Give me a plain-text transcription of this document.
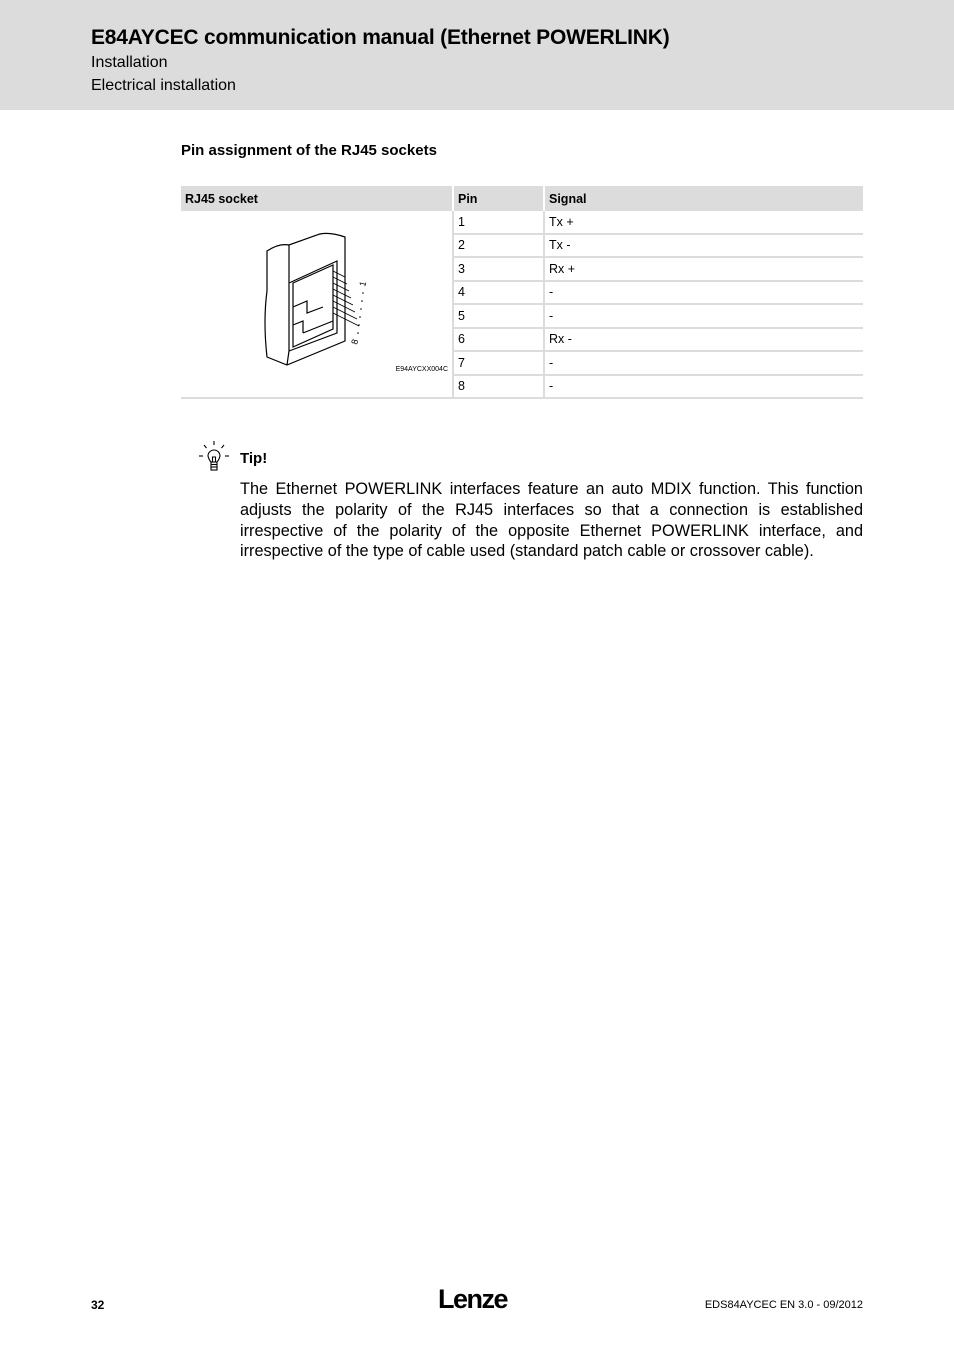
E84AYCEC communication manual (Ethernet POWERLINK)
Installation
Electrical installation
Pin assignment of the RJ45 sockets
RJ45 socket	Pin	Signal

1
8
E94AYCXX004C	1	Tx +
	2	Tx -
	3	Rx +
	4	-
	5	-
	6	Rx -
	7	-
	8	-
Tip!
The Ethernet POWERLINK interfaces feature an auto MDIX function. This function adjusts the polarity of the RJ45 interfaces so that a connection is established irrespective of the polarity of the opposite Ethernet POWERLINK interface, and irrespective of the type of cable used (standard patch cable or crossover cable).
32	Lenze	EDS84AYCEC EN 3.0 - 09/2012
